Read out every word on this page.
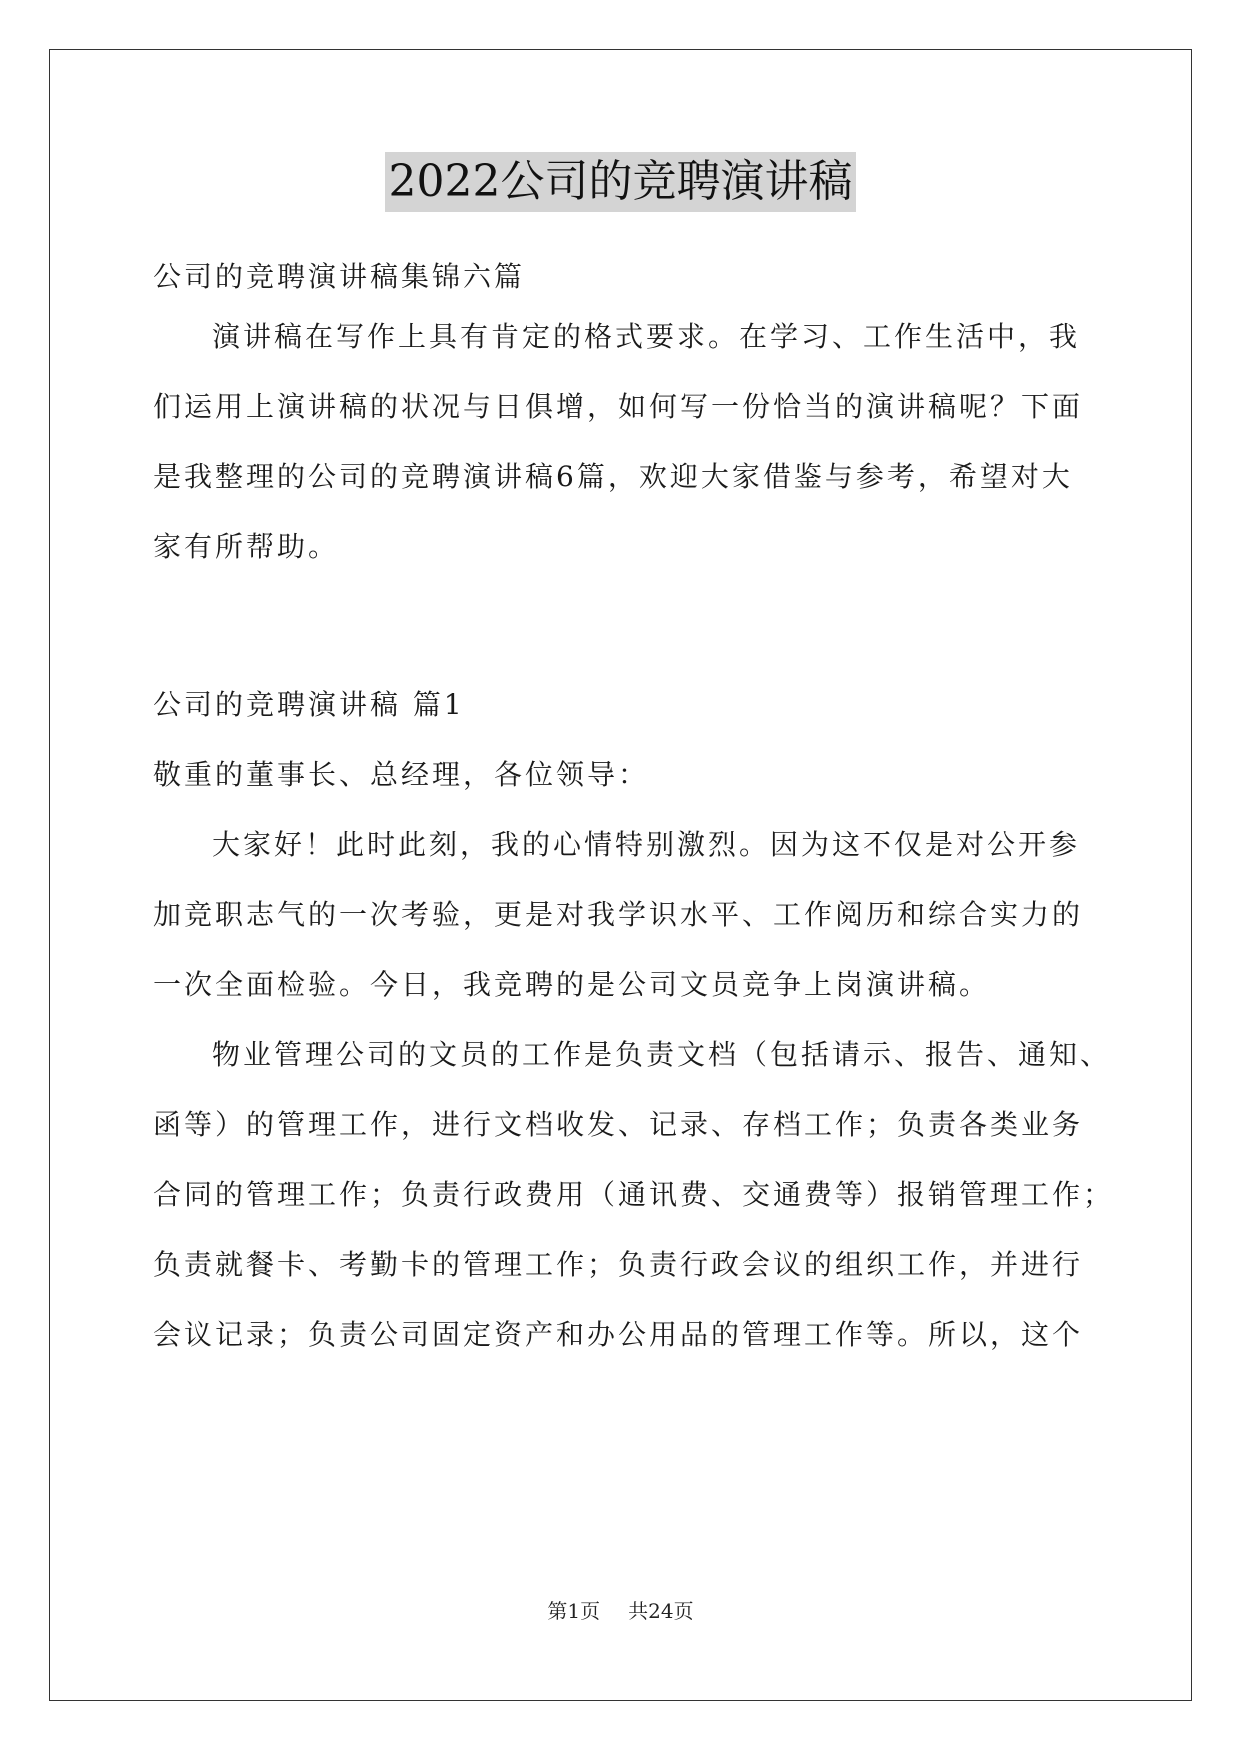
2022公司的竞聘演讲稿

公司的竞聘演讲稿集锦六篇

演讲稿在写作上具有肯定的格式要求。在学习、工作生活中，我

们运用上演讲稿的状况与日俱增，如何写一份恰当的演讲稿呢？下面

是我整理的公司的竞聘演讲稿6篇，欢迎大家借鉴与参考，希望对大

家有所帮助。

公司的竞聘演讲稿 篇1

敬重的董事长、总经理，各位领导：

大家好！此时此刻，我的心情特别激烈。因为这不仅是对公开参

加竞职志气的一次考验，更是对我学识水平、工作阅历和综合实力的

一次全面检验。今日，我竞聘的是公司文员竞争上岗演讲稿。

物业管理公司的文员的工作是负责文档（包括请示、报告、通知、

函等）的管理工作，进行文档收发、记录、存档工作；负责各类业务

合同的管理工作；负责行政费用（通讯费、交通费等）报销管理工作；

负责就餐卡、考勤卡的管理工作；负责行政会议的组织工作，并进行

会议记录；负责公司固定资产和办公用品的管理工作等。所以，这个

第1页 共24页
